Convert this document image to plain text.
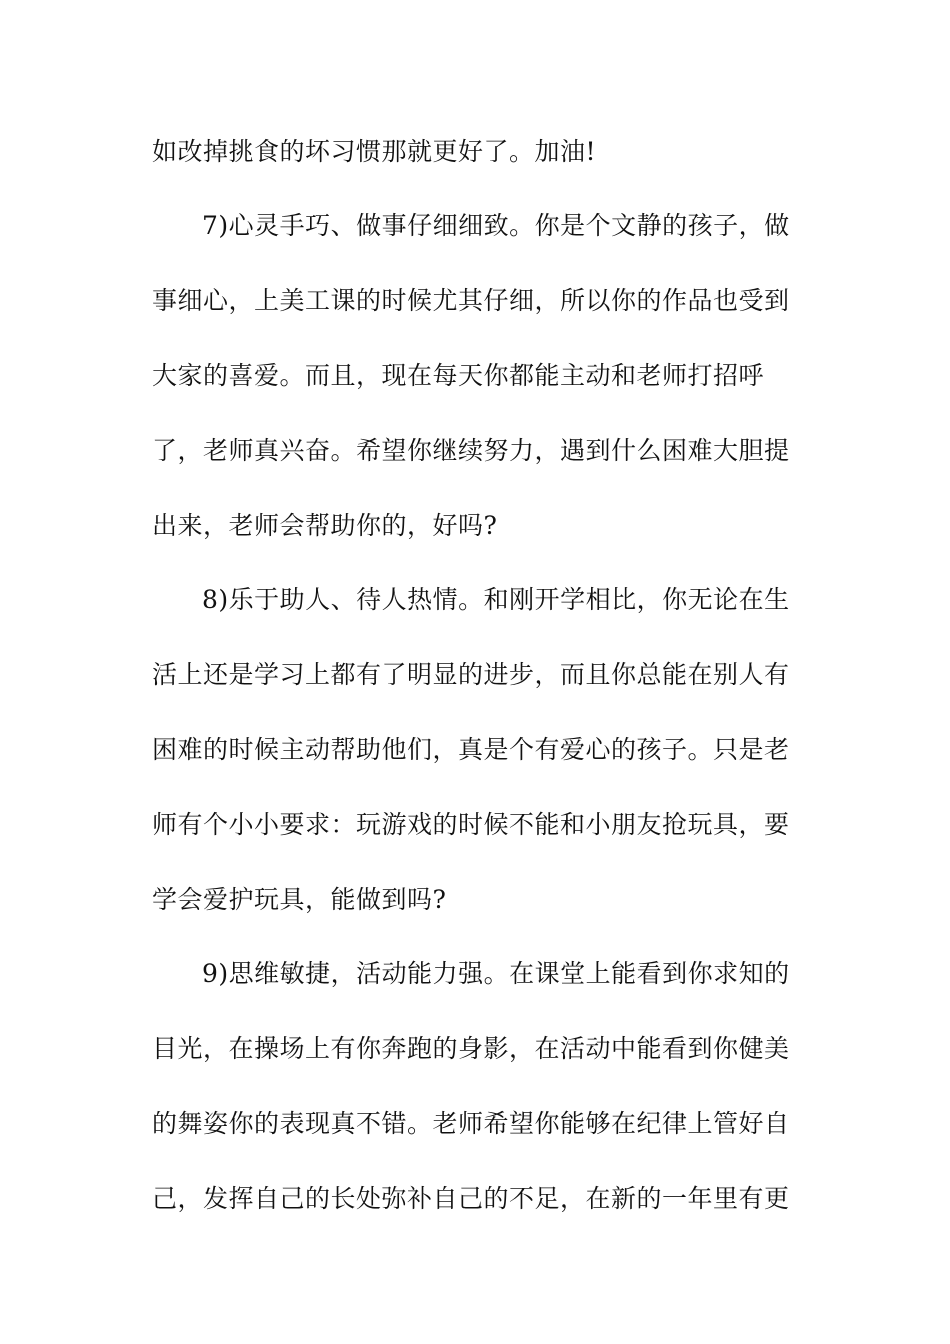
如改掉挑食的坏习惯那就更好了。加油!
7)心灵手巧、做事仔细细致。你是个文静的孩子，做
事细心，上美工课的时候尤其仔细，所以你的作品也受到
大家的喜爱。而且，现在每天你都能主动和老师打招呼
了，老师真兴奋。希望你继续努力，遇到什么困难大胆提
出来，老师会帮助你的，好吗?
8)乐于助人、待人热情。和刚开学相比，你无论在生
活上还是学习上都有了明显的进步，而且你总能在别人有
困难的时候主动帮助他们，真是个有爱心的孩子。只是老
师有个小小要求：玩游戏的时候不能和小朋友抢玩具，要
学会爱护玩具，能做到吗?
9)思维敏捷，活动能力强。在课堂上能看到你求知的
目光，在操场上有你奔跑的身影，在活动中能看到你健美
的舞姿你的表现真不错。老师希望你能够在纪律上管好自
己，发挥自己的长处弥补自己的不足，在新的一年里有更
